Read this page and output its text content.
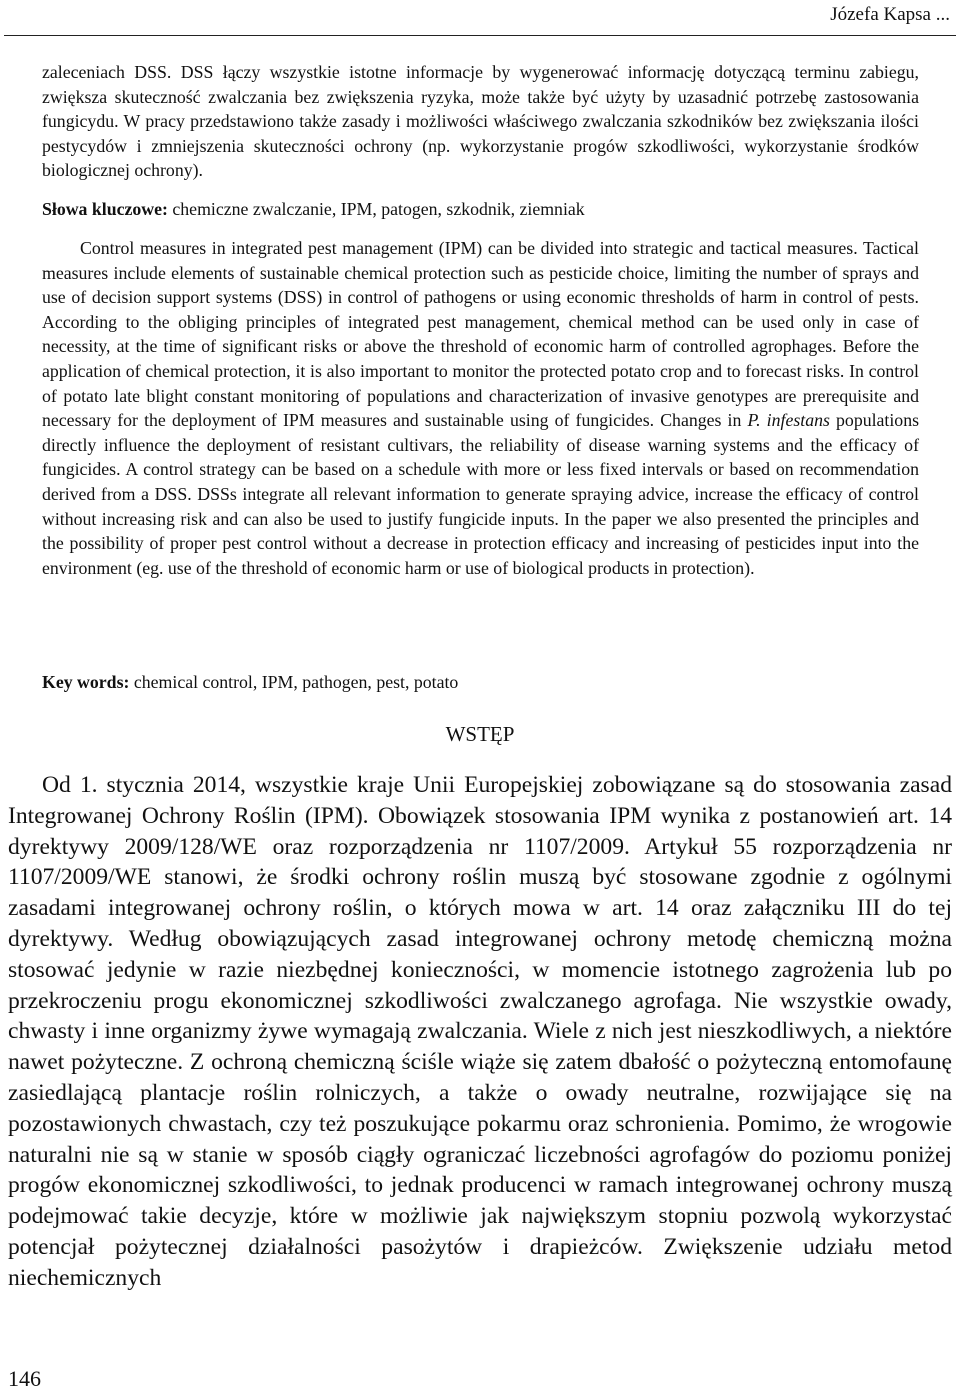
Józefa Kapsa ...

zaleceniach DSS. DSS łączy wszystkie istotne informacje by wygenerować informację dotyczącą terminu zabiegu, zwiększa skuteczność zwalczania bez zwiększenia ryzyka, może także być użyty by uzasadnić potrzebę zastosowania fungicydu. W pracy przedstawiono także zasady i możliwości właściwego zwalczania szkodników bez zwiększania ilości pestycydów i zmniejszenia skuteczności ochrony (np. wykorzystanie progów szkodliwości, wykorzystanie środków biologicznej ochrony).

Słowa kluczowe: chemiczne zwalczanie, IPM, patogen, szkodnik, ziemniak

Control measures in integrated pest management (IPM) can be divided into strategic and tactical measures. Tactical measures include elements of sustainable chemical protection such as pesticide choice, limiting the number of sprays and use of decision support systems (DSS) in control of pathogens or using economic thresholds of harm in control of pests. According to the obliging principles of integrated pest management, chemical method can be used only in case of necessity, at the time of significant risks or above the threshold of economic harm of controlled agrophages. Before the application of chemical protection, it is also important to monitor the protected potato crop and to forecast risks. In control of potato late blight constant monitoring of populations and characterization of invasive genotypes are prerequisite and necessary for the deployment of IPM measures and sustainable using of fungicides. Changes in P. infestans populations directly influence the deployment of resistant cultivars, the reliability of disease warning systems and the efficacy of fungicides. A control strategy can be based on a schedule with more or less fixed intervals or based on recommendation derived from a DSS. DSSs integrate all relevant information to generate spraying advice, increase the efficacy of control without increasing risk and can also be used to justify fungicide inputs. In the paper we also presented the principles and the possibility of proper pest control without a decrease in protection efficacy and increasing of pesticides input into the environment (eg. use of the threshold of economic harm or use of biological products in protection).

Key words: chemical control, IPM, pathogen, pest, potato

WSTĘP

Od 1. stycznia 2014, wszystkie kraje Unii Europejskiej zobowiązane są do stosowania zasad Integrowanej Ochrony Roślin (IPM). Obowiązek stosowania IPM wynika z postanowień art. 14 dyrektywy 2009/128/WE oraz rozporządzenia nr 1107/2009. Artykuł 55 rozporządzenia nr 1107/2009/WE stanowi, że środki ochrony roślin muszą być stosowane zgodnie z ogólnymi zasadami integrowanej ochrony roślin, o których mowa w art. 14 oraz załączniku III do tej dyrektywy. Według obowiązujących zasad integrowanej ochrony metodę chemiczną można stosować jedynie w razie niezbędnej konieczności, w momencie istotnego zagrożenia lub po przekroczeniu progu ekonomicznej szkodliwości zwalczanego agrofaga. Nie wszystkie owady, chwasty i inne organizmy żywe wymagają zwalczania. Wiele z nich jest nieszkodliwych, a niektóre nawet pożyteczne. Z ochroną chemiczną ściśle wiąże się zatem dbałość o pożyteczną entomofaunę zasiedlającą plantacje roślin rolniczych, a także o owady neutralne, rozwijające się na pozostawionych chwastach, czy też poszukujące pokarmu oraz schronienia. Pomimo, że wrogowie naturalni nie są w stanie w sposób ciągły ograniczać liczebności agrofagów do poziomu poniżej progów ekonomicznej szkodliwości, to jednak producenci w ramach integrowanej ochrony muszą podejmować takie decyzje, które w możliwie jak największym stopniu pozwolą wykorzystać potencjał pożytecznej działalności pasożytów i drapieżców. Zwiększenie udziału metod niechemicznych

146
